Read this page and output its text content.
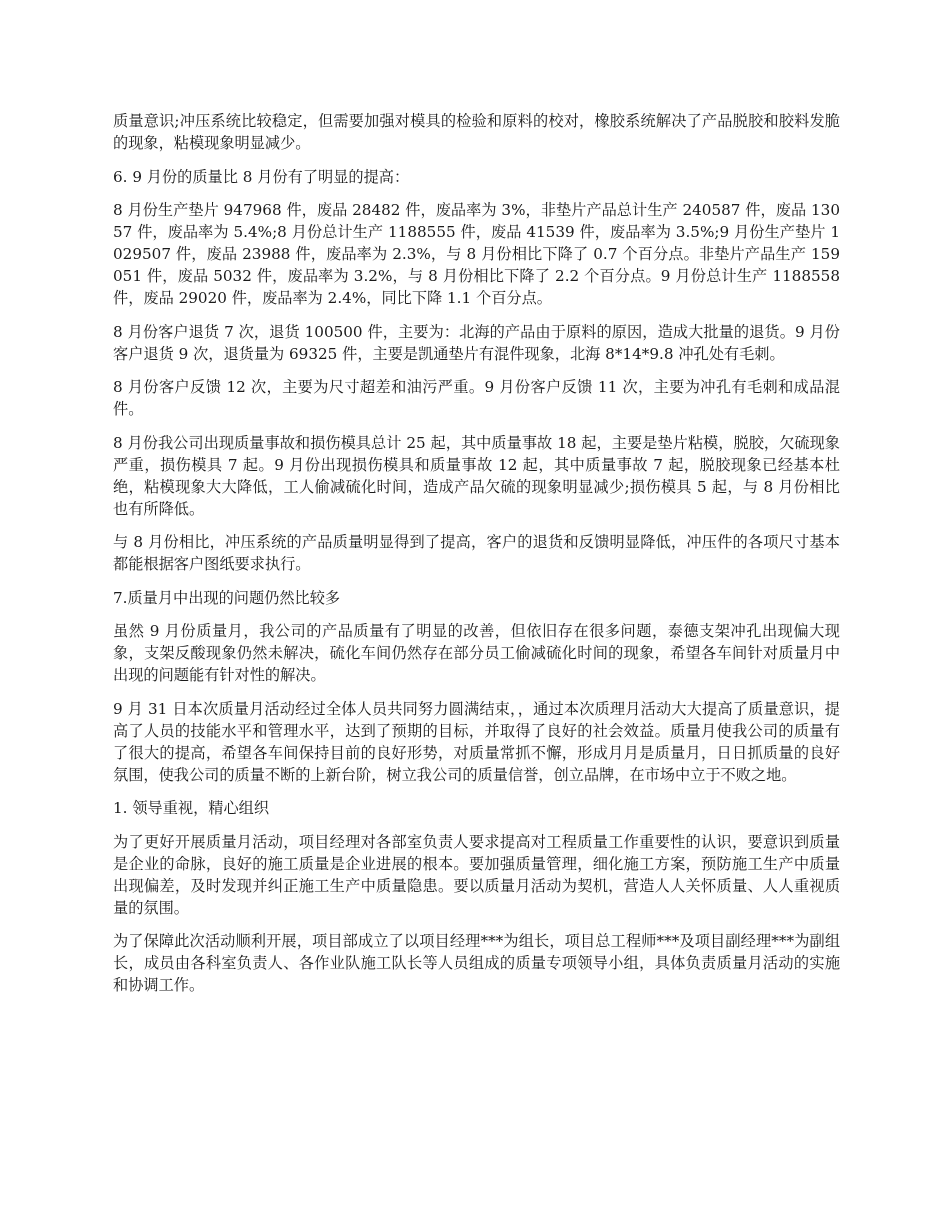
质量意识;冲压系统比较稳定，但需要加强对模具的检验和原料的校对，橡胶系统解决了产品脱胶和胶料发脆的现象，粘模现象明显减少。

6. 9 月份的质量比 8 月份有了明显的提高：

8 月份生产垫片 947968 件，废品 28482 件，废品率为 3%，非垫片产品总计生产 240587 件，废品 13057 件，废品率为 5.4%;8 月份总计生产 1188555 件，废品 41539 件，废品率为 3.5%;9 月份生产垫片 1029507 件，废品 23988 件，废品率为 2.3%，与 8 月份相比下降了 0.7 个百分点。非垫片产品生产 159051 件，废品 5032 件，废品率为 3.2%，与 8 月份相比下降了 2.2 个百分点。9 月份总计生产 1188558 件，废品 29020 件，废品率为 2.4%，同比下降 1.1 个百分点。

8 月份客户退货 7 次，退货 100500 件，主要为：北海的产品由于原料的原因，造成大批量的退货。9 月份客户退货 9 次，退货量为 69325 件，主要是凯通垫片有混件现象，北海 8*14*9.8 冲孔处有毛刺。

8 月份客户反馈 12 次，主要为尺寸超差和油污严重。9 月份客户反馈 11 次，主要为冲孔有毛刺和成品混件。

8 月份我公司出现质量事故和损伤模具总计 25 起，其中质量事故 18 起，主要是垫片粘模，脱胶，欠硫现象严重，损伤模具 7 起。9 月份出现损伤模具和质量事故 12 起，其中质量事故 7 起，脱胶现象已经基本杜绝，粘模现象大大降低，工人偷减硫化时间，造成产品欠硫的现象明显减少;损伤模具 5 起，与 8 月份相比也有所降低。

与 8 月份相比，冲压系统的产品质量明显得到了提高，客户的退货和反馈明显降低，冲压件的各项尺寸基本都能根据客户图纸要求执行。

7.质量月中出现的问题仍然比较多

虽然 9 月份质量月，我公司的产品质量有了明显的改善，但依旧存在很多问题，泰德支架冲孔出现偏大现象，支架反酸现象仍然未解决，硫化车间仍然存在部分员工偷减硫化时间的现象，希望各车间针对质量月中出现的问题能有针对性的解决。

9 月 31 日本次质量月活动经过全体人员共同努力圆满结束，，通过本次质理月活动大大提高了质量意识，提高了人员的技能水平和管理水平，达到了预期的目标，并取得了良好的社会效益。质量月使我公司的质量有了很大的提高，希望各车间保持目前的良好形势，对质量常抓不懈，形成月月是质量月，日日抓质量的良好氛围，使我公司的质量不断的上新台阶，树立我公司的质量信誉，创立品牌，在市场中立于不败之地。

1. 领导重视，精心组织

为了更好开展质量月活动，项目经理对各部室负责人要求提高对工程质量工作重要性的认识，要意识到质量是企业的命脉，良好的施工质量是企业进展的根本。要加强质量管理，细化施工方案，预防施工生产中质量出现偏差，及时发现并纠正施工生产中质量隐患。要以质量月活动为契机，营造人人关怀质量、人人重视质量的氛围。

为了保障此次活动顺利开展，项目部成立了以项目经理***为组长，项目总工程师***及项目副经理***为副组长，成员由各科室负责人、各作业队施工队长等人员组成的质量专项领导小组，具体负责质量月活动的实施和协调工作。
